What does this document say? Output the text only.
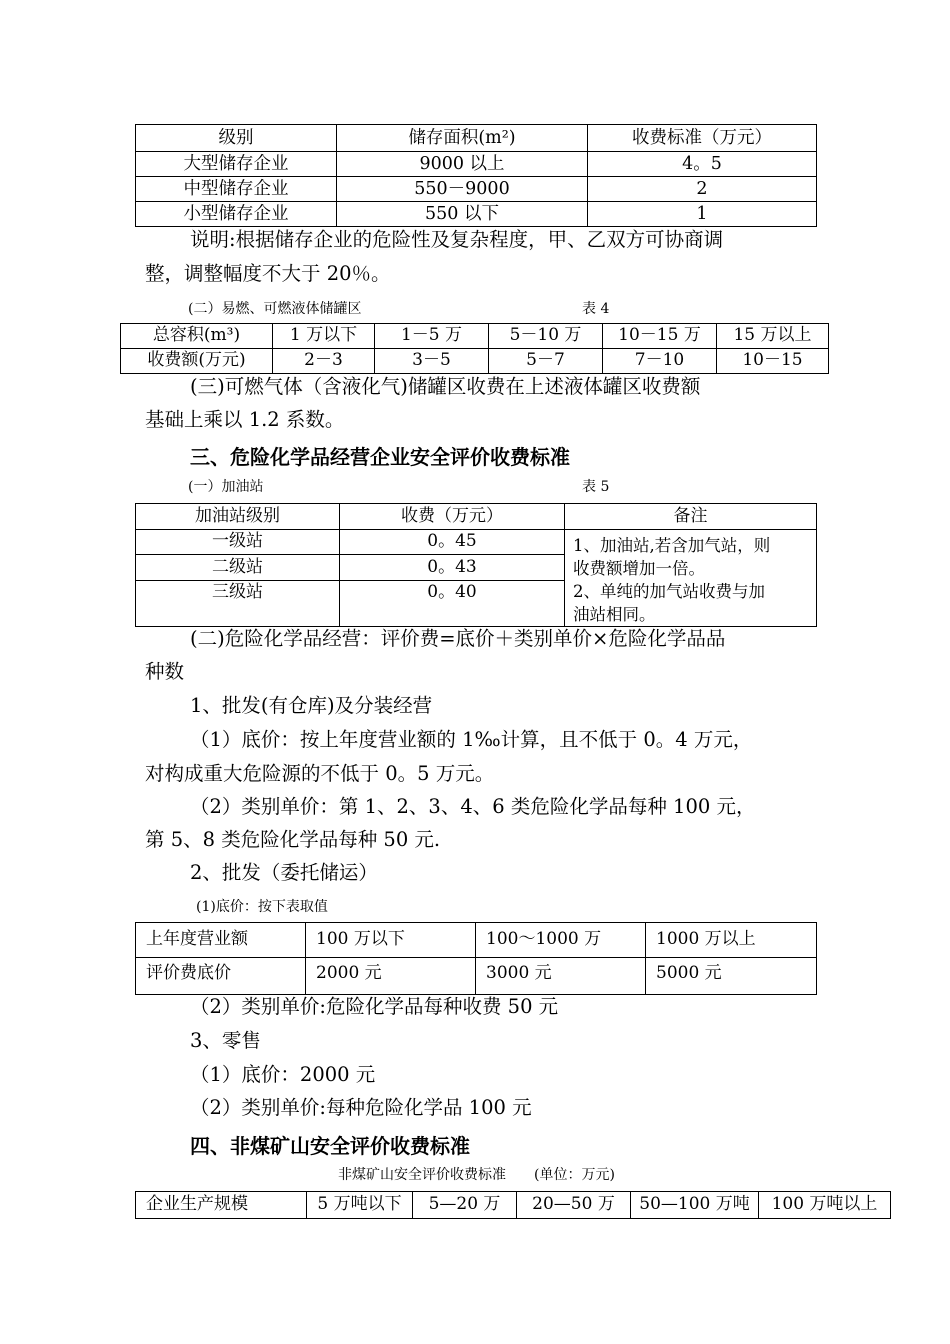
级别	储存面积(m²)	收费标准（万元）
大型储存企业	9000 以上	4。5
中型储存企业	550－9000	2
小型储存企业	550 以下	1
说明:根据储存企业的危险性及复杂程度，甲、乙双方可协商调
整，调整幅度不大于 20％。
(二）易燃、可燃液体储罐区	表 4
总容积(m³)	1 万以下	1－5 万	5－10 万	10－15 万	15 万以上
收费额(万元)	2－3	3－5	5－7	7－10	10－15
(三)可燃气体（含液化气)储罐区收费在上述液体罐区收费额
基础上乘以 1.2 系数。
三、危险化学品经营企业安全评价收费标准
(一）加油站	表 5
加油站级别	收费（万元）	备注
一级站	0。45	1、加油站,若含加气站，则
收费额增加一倍。
2、单纯的加气站收费与加
油站相同。

二级站	0。43	
三级站	0。40	
(二)危险化学品经营：评价费=底价＋类别单价×危险化学品品
种数
1、批发(有仓库)及分装经营
（1）底价：按上年度营业额的 1‰计算，且不低于 0。4 万元，
对构成重大危险源的不低于 0。5 万元。
（2）类别单价：第 1、2、3、4、6 类危险化学品每种 100 元，
第 5、8 类危险化学品每种 50 元.
2、批发（委托储运）
(1)底价：按下表取值
上年度营业额	100 万以下	100～1000 万	1000 万以上
评价费底价	2000 元	3000 元	5000 元
（2）类别单价:危险化学品每种收费 50 元
3、零售
（1）底价：2000 元
（2）类别单价:每种危险化学品 100 元
四、非煤矿山安全评价收费标准
非煤矿山安全评价收费标准　　(单位：万元)
企业生产规模	5 万吨以下	5—20 万	20—50 万	50—100 万吨	100 万吨以上
